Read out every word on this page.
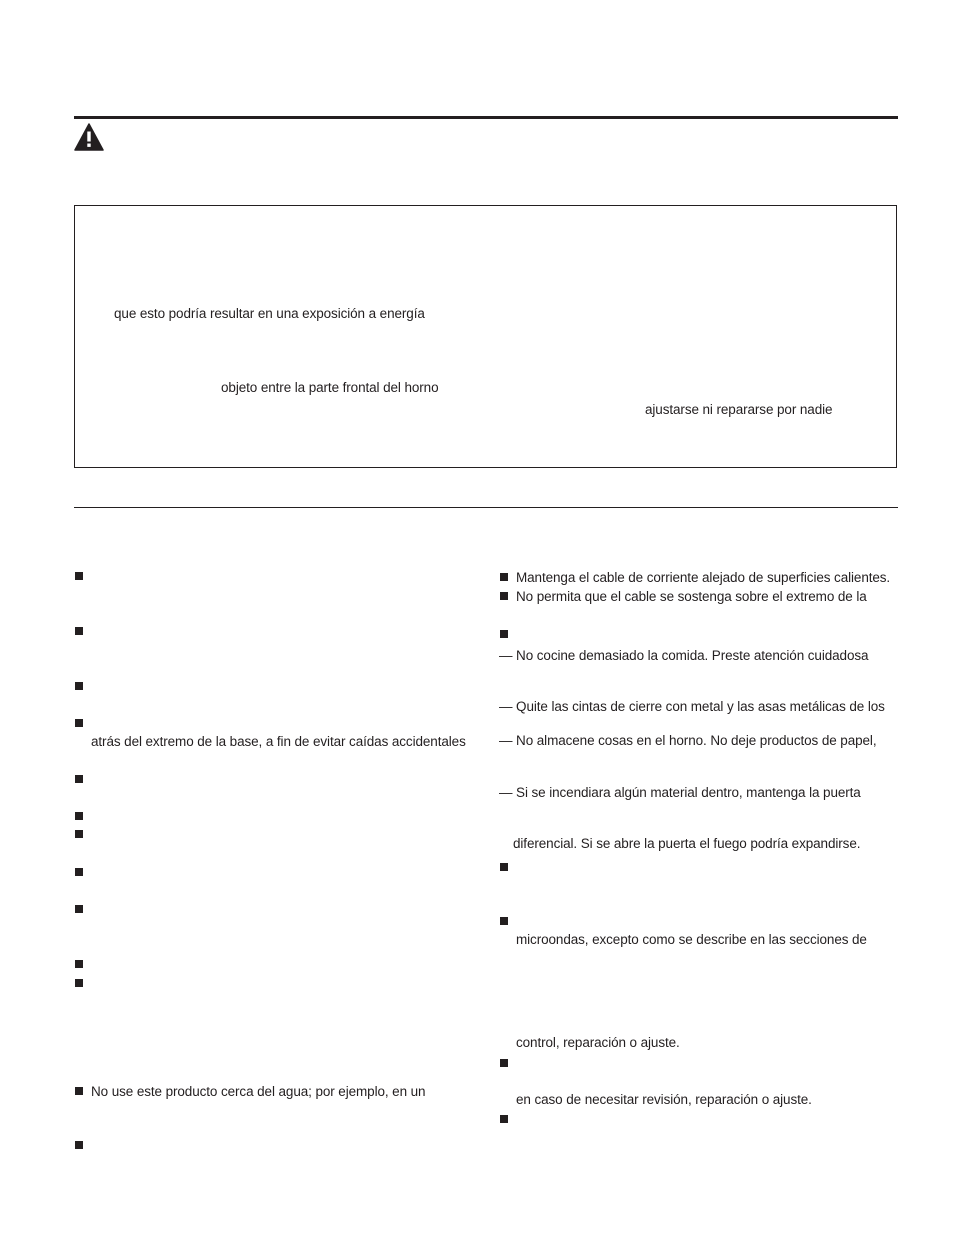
que esto podría resultar en una exposición a energía
objeto entre la parte frontal del horno
ajustarse ni repararse por nadie
atrás del extremo de la base, a fin de evitar caídas accidentales
No use este producto cerca del agua; por ejemplo, en un
Mantenga el cable de corriente alejado de superficies calientes.
No permita que el cable se sostenga sobre el extremo de la
— No cocine demasiado la comida. Preste atención cuidadosa
— Quite las cintas de cierre con metal y las asas metálicas de los
— No almacene cosas en el horno. No deje productos de papel,
— Si se incendiara algún material dentro, mantenga la puerta
diferencial. Si se abre la puerta el fuego podría expandirse.
microondas, excepto como se describe en las secciones de
control, reparación o ajuste.
en caso de necesitar revisión, reparación o ajuste.
